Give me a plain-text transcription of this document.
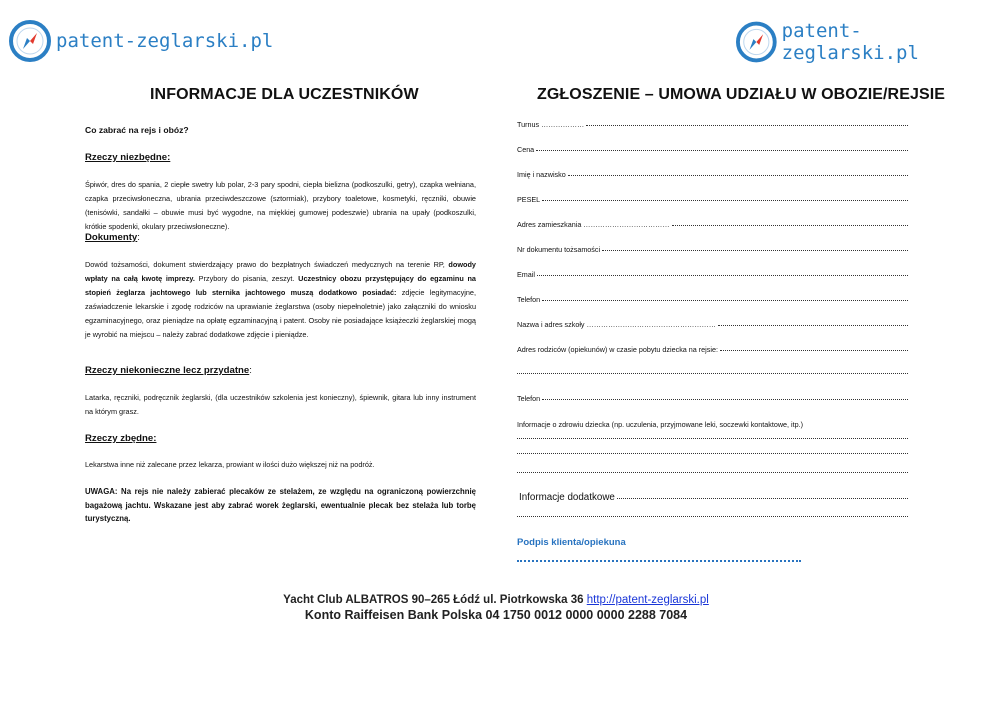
patent-zeglarski.pl	patent-zeglarski.pl
INFORMACJE DLA UCZESTNIKÓW
Co zabrać na rejs i obóz?
Rzeczy niezbędne:

Śpiwór, dres do spania, 2 ciepłe swetry lub polar, 2-3 pary spodni, ciepła bielizna (podkoszulki, getry), czapka wełniana, czapka przeciwsłoneczna, ubrania przeciwdeszczowe (sztormiak), przybory toaletowe, kosmetyki, ręczniki, obuwie (tenisówki, sandałki – obuwie musi być wygodne, na miękkiej gumowej podeszwie) ubrania na upały (podkoszulki, krótkie spodenki, okulary przeciwsłoneczne).

Dokumenty:

Dowód tożsamości, dokument stwierdzający prawo do bezpłatnych świadczeń medycznych na terenie RP, dowody wpłaty na całą kwotę imprezy. Przybory do pisania, zeszyt. Uczestnicy obozu przystępujący do egzaminu na stopień żeglarza jachtowego lub sternika jachtowego muszą dodatkowo posiadać: zdjęcie legitymacyjne, zaświadczenie lekarskie i zgodę rodziców na uprawianie żeglarstwa (osoby niepełnoletnie) jako załączniki do wniosku egzaminacyjnego, oraz pieniądze na opłatę egzaminacyjną i patent. Osoby nie posiadające książeczki żeglarskiej mogą je wyrobić na miejscu – należy zabrać dodatkowe zdjęcie i pieniądze.

Rzeczy niekonieczne lecz przydatne:

Latarka, ręczniki, podręcznik żeglarski, (dla uczestników szkolenia jest konieczny), śpiewnik, gitara lub inny instrument na którym grasz.

Rzeczy zbędne:

Lekarstwa inne niż zalecane przez lekarza, prowiant w ilości dużo większej niż na podróż.

UWAGA: Na rejs nie należy zabierać plecaków ze stelażem, ze względu na ograniczoną powierzchnię bagażową jachtu. Wskazane jest aby zabrać worek żeglarski, ewentualnie plecak bez stelaża lub torbę turystyczną.
ZGŁOSZENIE – UMOWA UDZIAŁU W OBOZIE/REJSIE
Turnus ………………
Cena
Imię i nazwisko
PESEL
Adres zamieszkania ………………………………
Nr dokumentu tożsamości
Email
Telefon
Nazwa i adres szkoły ………………………………………………
Adres rodziców (opiekunów) w czasie pobytu dziecka na rejsie:
Telefon
Informacje o zdrowiu dziecka (np. uczulenia, przyjmowane leki, soczewki kontaktowe, itp.)
Informacje dodatkowe
Podpis klienta/opiekuna
Yacht Club ALBATROS 90–265 Łódź ul. Piotrkowska 36 http://patent-zeglarski.pl
Konto Raiffeisen Bank Polska 04 1750 0012 0000 0000 2288 7084
